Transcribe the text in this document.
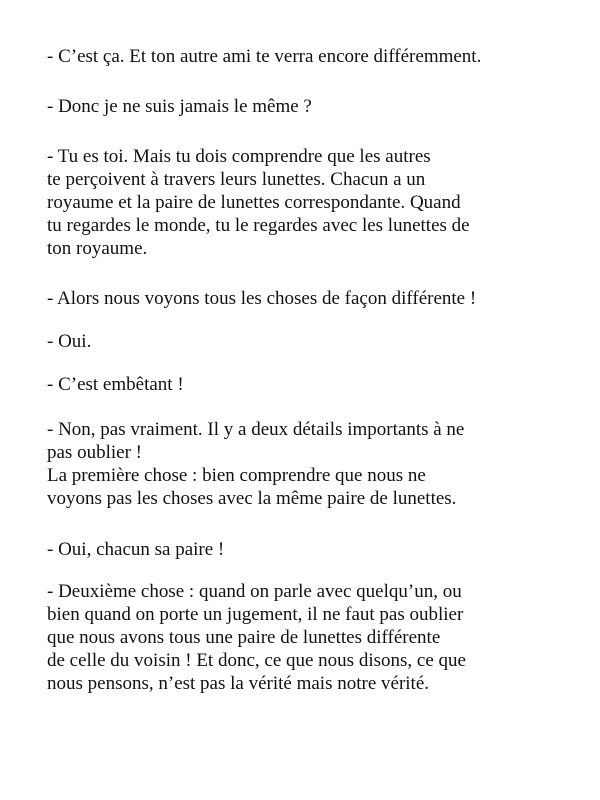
- C’est ça. Et ton autre ami te verra encore différemment.

- Donc je ne suis jamais le même ?

- Tu es toi. Mais tu dois comprendre que les autres
te perçoivent à travers leurs lunettes. Chacun a un
royaume et la paire de lunettes correspondante. Quand
tu regardes le monde, tu le regardes avec les lunettes de
ton royaume.

- Alors nous voyons tous les choses de façon différente !

- Oui.

- C’est embêtant !

- Non, pas vraiment. Il y a deux détails importants à ne
pas oublier !
La première chose : bien comprendre que nous ne
voyons pas les choses avec la même paire de lunettes.

- Oui, chacun sa paire !

- Deuxième chose : quand on parle avec quelqu’un, ou
bien quand on porte un jugement, il ne faut pas oublier
que nous avons tous une paire de lunettes différente
de celle du voisin ! Et donc, ce que nous disons, ce que
nous pensons, n’est pas la vérité mais notre vérité.
